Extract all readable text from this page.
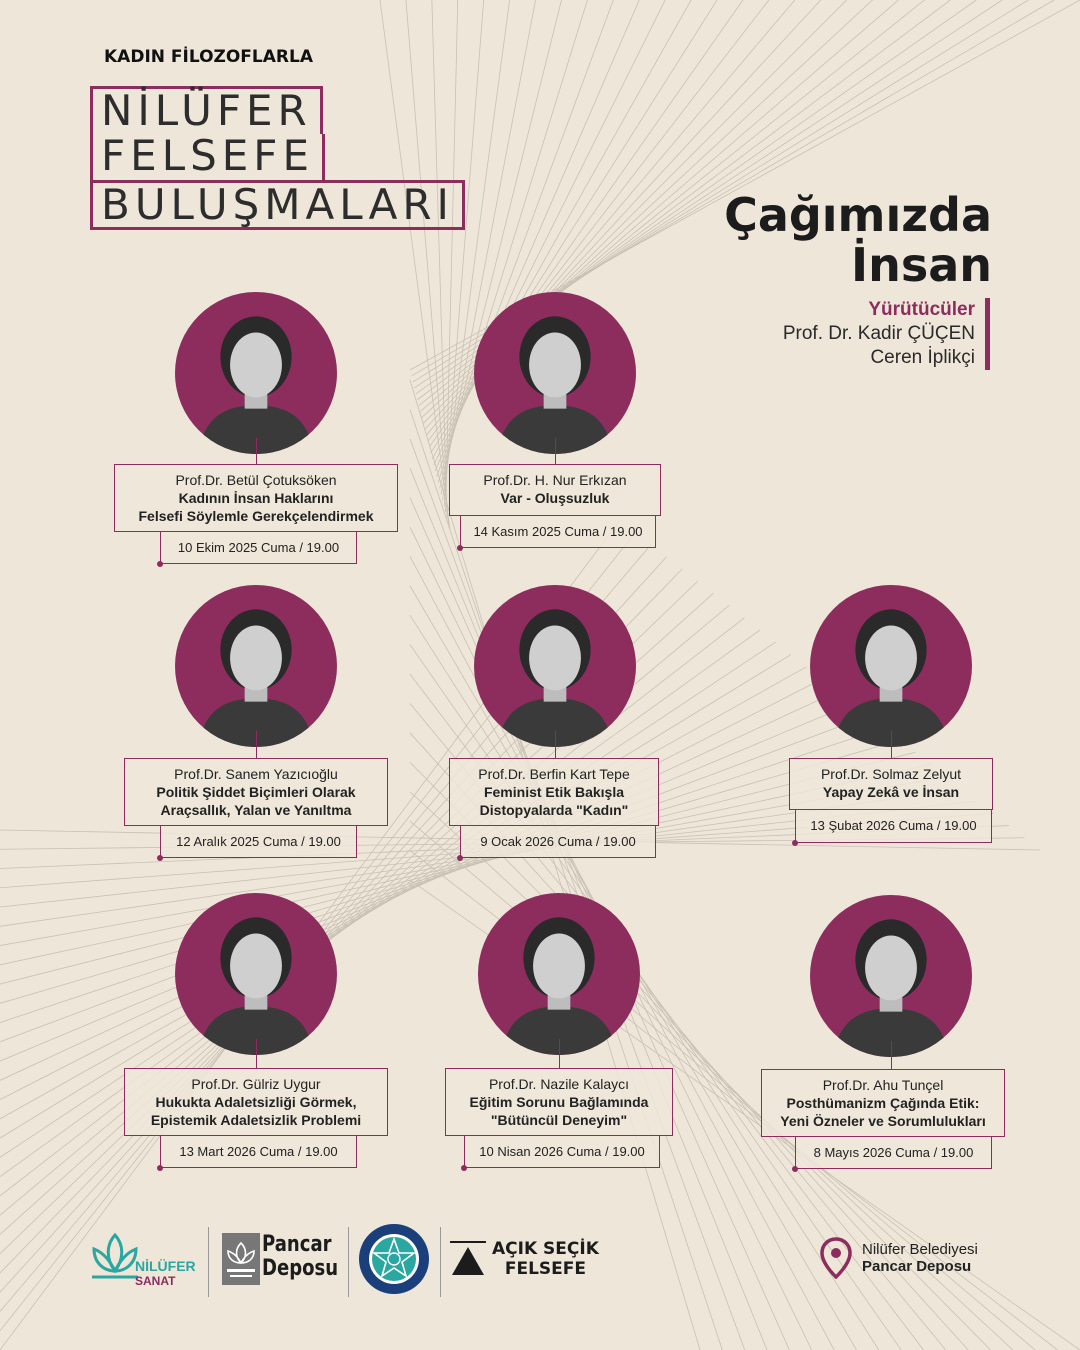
KADIN FİLOZOFLARLA
NİLÜFER
FELSEFE
BULUŞMALARI	Çağımızda
İnsan
Yürütücüler
Prof. Dr. Kadir ÇÜÇEN
Ceren İplikçi
Prof.Dr. Betül Çotuksöken
Kadının İnsan Haklarını
Felsefi Söylemle Gerekçelendirmek
10 Ekim 2025 Cuma / 19.00
Prof.Dr. H. Nur Erkızan
Var - Oluşsuzluk
14 Kasım 2025 Cuma / 19.00
Prof.Dr. Sanem Yazıcıoğlu
Politik Şiddet Biçimleri Olarak
Araçsallık, Yalan ve Yanıltma
12 Aralık 2025 Cuma / 19.00
Prof.Dr. Berfin Kart Tepe
Feminist Etik Bakışla
Distopyalarda "Kadın"
9 Ocak 2026 Cuma / 19.00
Prof.Dr. Solmaz Zelyut
Yapay Zekâ ve İnsan
13 Şubat 2026 Cuma / 19.00
Prof.Dr. Gülriz Uygur
Hukukta Adaletsizliği Görmek,
Epistemik Adaletsizlik Problemi
13 Mart 2026 Cuma / 19.00
Prof.Dr. Nazile Kalaycı
Eğitim Sorunu Bağlamında
"Bütüncül Deneyim"
10 Nisan 2026 Cuma / 19.00
Prof.Dr. Ahu Tunçel
Posthümanizm Çağında Etik:
Yeni Özneler ve Sorumlulukları
8 Mayıs 2026 Cuma / 19.00
NİLÜFER
SANAT
Pancar
Deposu
AÇIK SEÇİK
FELSEFE
Nilüfer Belediyesi
Pancar Deposu
